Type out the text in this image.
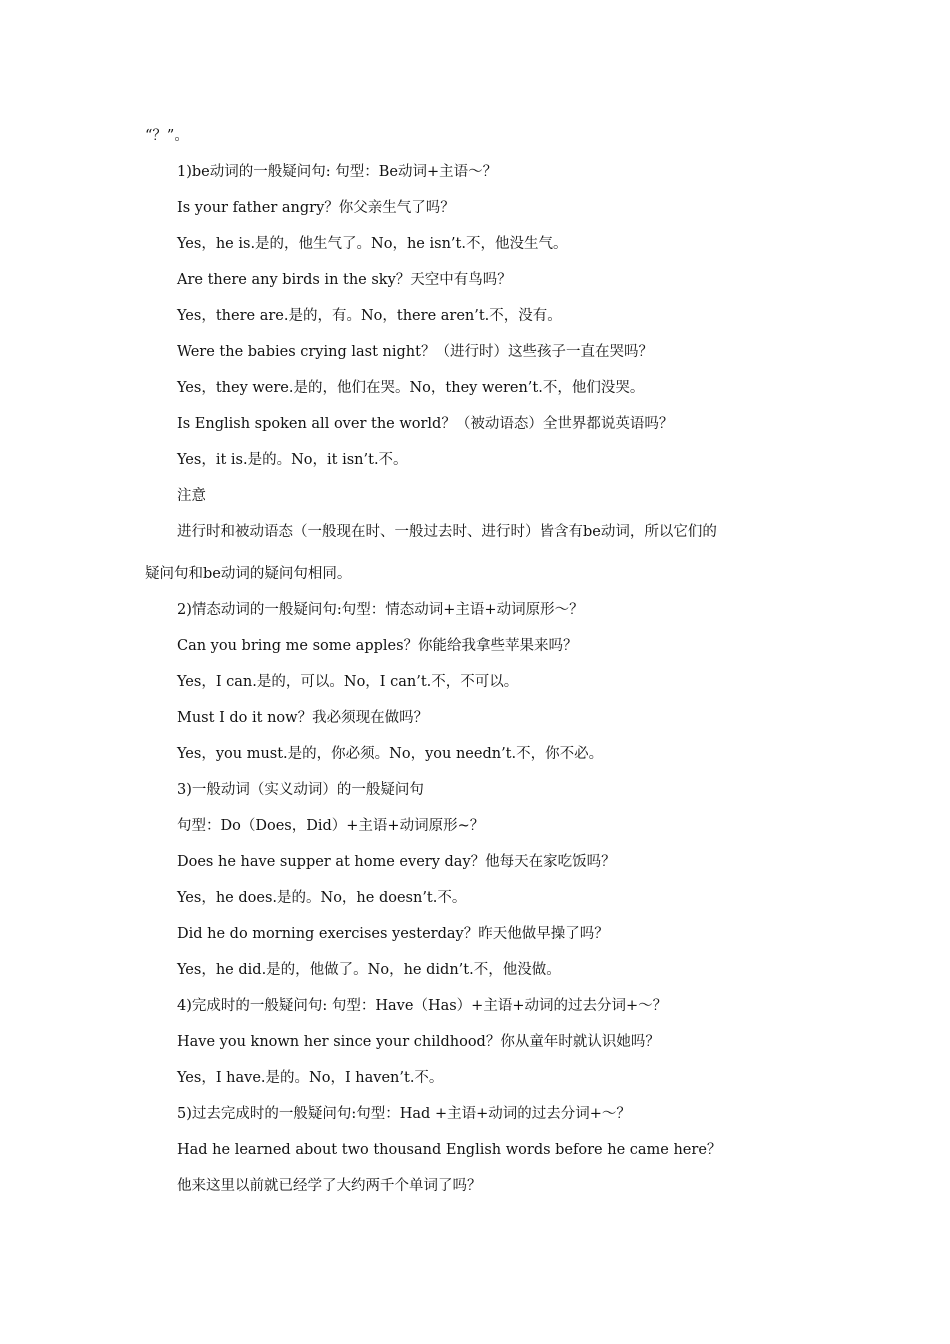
“？”。
1)be动词的一般疑问句: 句型：Be动词+主语～？
Is your father angry？你父亲生气了吗？
Yes，he is.是的，他生气了。No，he isn’t.不，他没生气。
Are there any birds in the sky？天空中有鸟吗？
Yes，there are.是的，有。No，there aren’t.不，没有。
Were the babies crying last night？（进行时）这些孩子一直在哭吗？
Yes，they were.是的，他们在哭。No，they weren’t.不，他们没哭。
Is English spoken all over the world？（被动语态）全世界都说英语吗？
Yes，it is.是的。No，it isn’t.不。
注意
进行时和被动语态（一般现在时、一般过去时、进行时）皆含有be动词，所以它们的
疑问句和be动词的疑问句相同。
2)情态动词的一般疑问句:句型：情态动词+主语+动词原形～？
Can you bring me some apples？你能给我拿些苹果来吗？
Yes，I can.是的，可以。No，I can’t.不，不可以。
Must I do it now？我必须现在做吗？
Yes，you must.是的，你必须。No，you needn’t.不，你不必。
3)一般动词（实义动词）的一般疑问句
句型：Do（Does，Did）+主语+动词原形~？
Does he have supper at home every day？他每天在家吃饭吗？
Yes，he does.是的。No，he doesn’t.不。
Did he do morning exercises yesterday？昨天他做早操了吗？
Yes，he did.是的，他做了。No，he didn’t.不，他没做。
4)完成时的一般疑问句: 句型：Have（Has）+主语+动词的过去分词+～？
Have you known her since your childhood？你从童年时就认识她吗？
Yes，I have.是的。No，I haven’t.不。
5)过去完成时的一般疑问句:句型：Had +主语+动词的过去分词+～？
Had he learned about two thousand English words before he came here？
他来这里以前就已经学了大约两千个单词了吗？
